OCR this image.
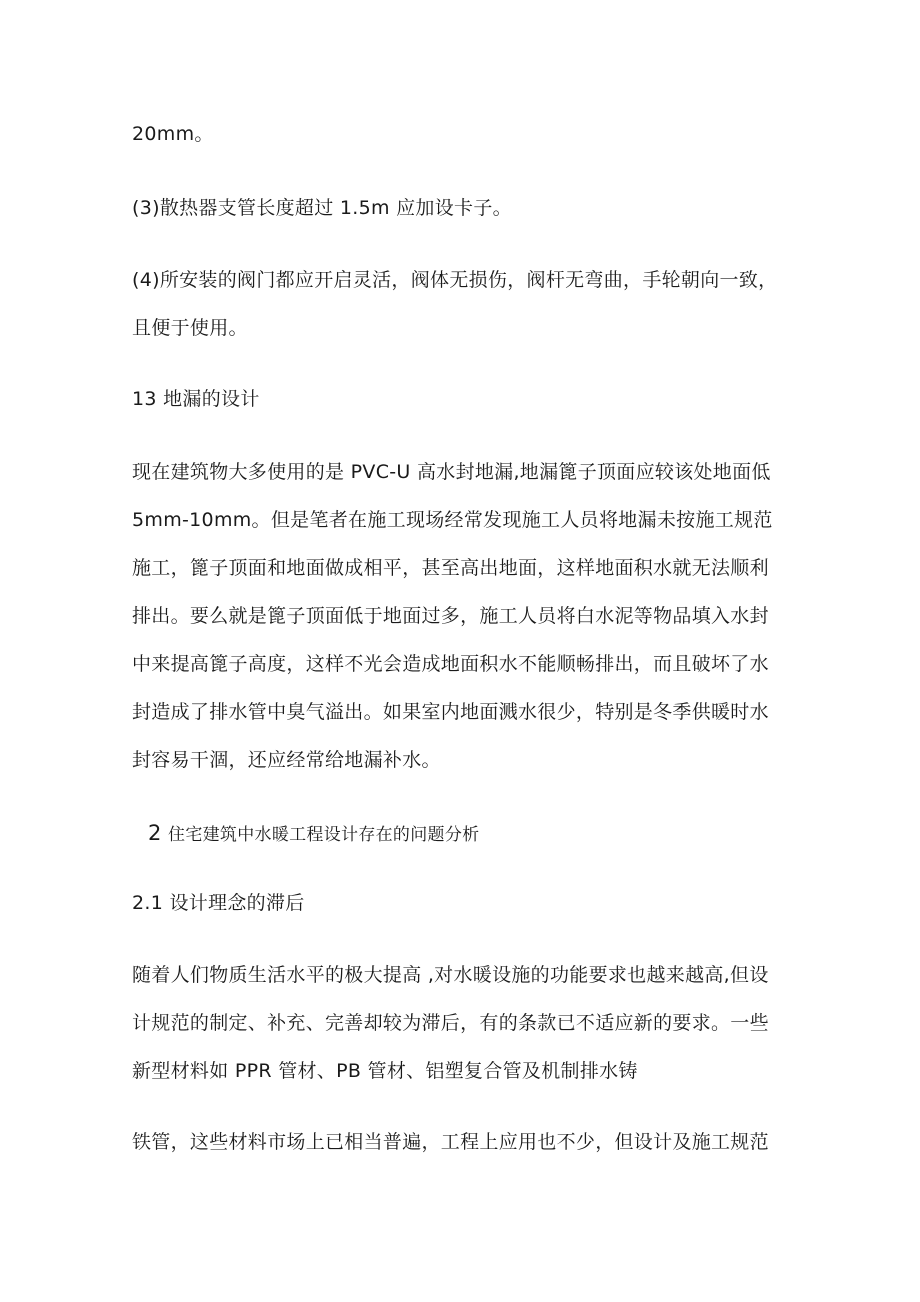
20mm。
(3)散热器支管长度超过 1.5m 应加设卡子。
(4)所安装的阀门都应开启灵活，阀体无损伤，阀杆无弯曲，手轮朝向一致，
且便于使用。
13 地漏的设计
现在建筑物大多使用的是 PVC-U 高水封地漏,地漏篦子顶面应较该处地面低
5mm-10mm。但是笔者在施工现场经常发现施工人员将地漏未按施工规范
施工，篦子顶面和地面做成相平，甚至高出地面，这样地面积水就无法顺利
排出。要么就是篦子顶面低于地面过多，施工人员将白水泥等物品填入水封
中来提高篦子高度，这样不光会造成地面积水不能顺畅排出，而且破坏了水
封造成了排水管中臭气溢出。如果室内地面溅水很少，特别是冬季供暖时水
封容易干涸，还应经常给地漏补水。
2 住宅建筑中水暖工程设计存在的问题分析
2.1 设计理念的滞后
随着人们物质生活水平的极大提高 ,对水暖设施的功能要求也越来越高,但设
计规范的制定、补充、完善却较为滞后，有的条款已不适应新的要求。一些
新型材料如 PPR 管材、PB 管材、铝塑复合管及机制排水铸
铁管，这些材料市场上已相当普遍，工程上应用也不少，但设计及施工规范
